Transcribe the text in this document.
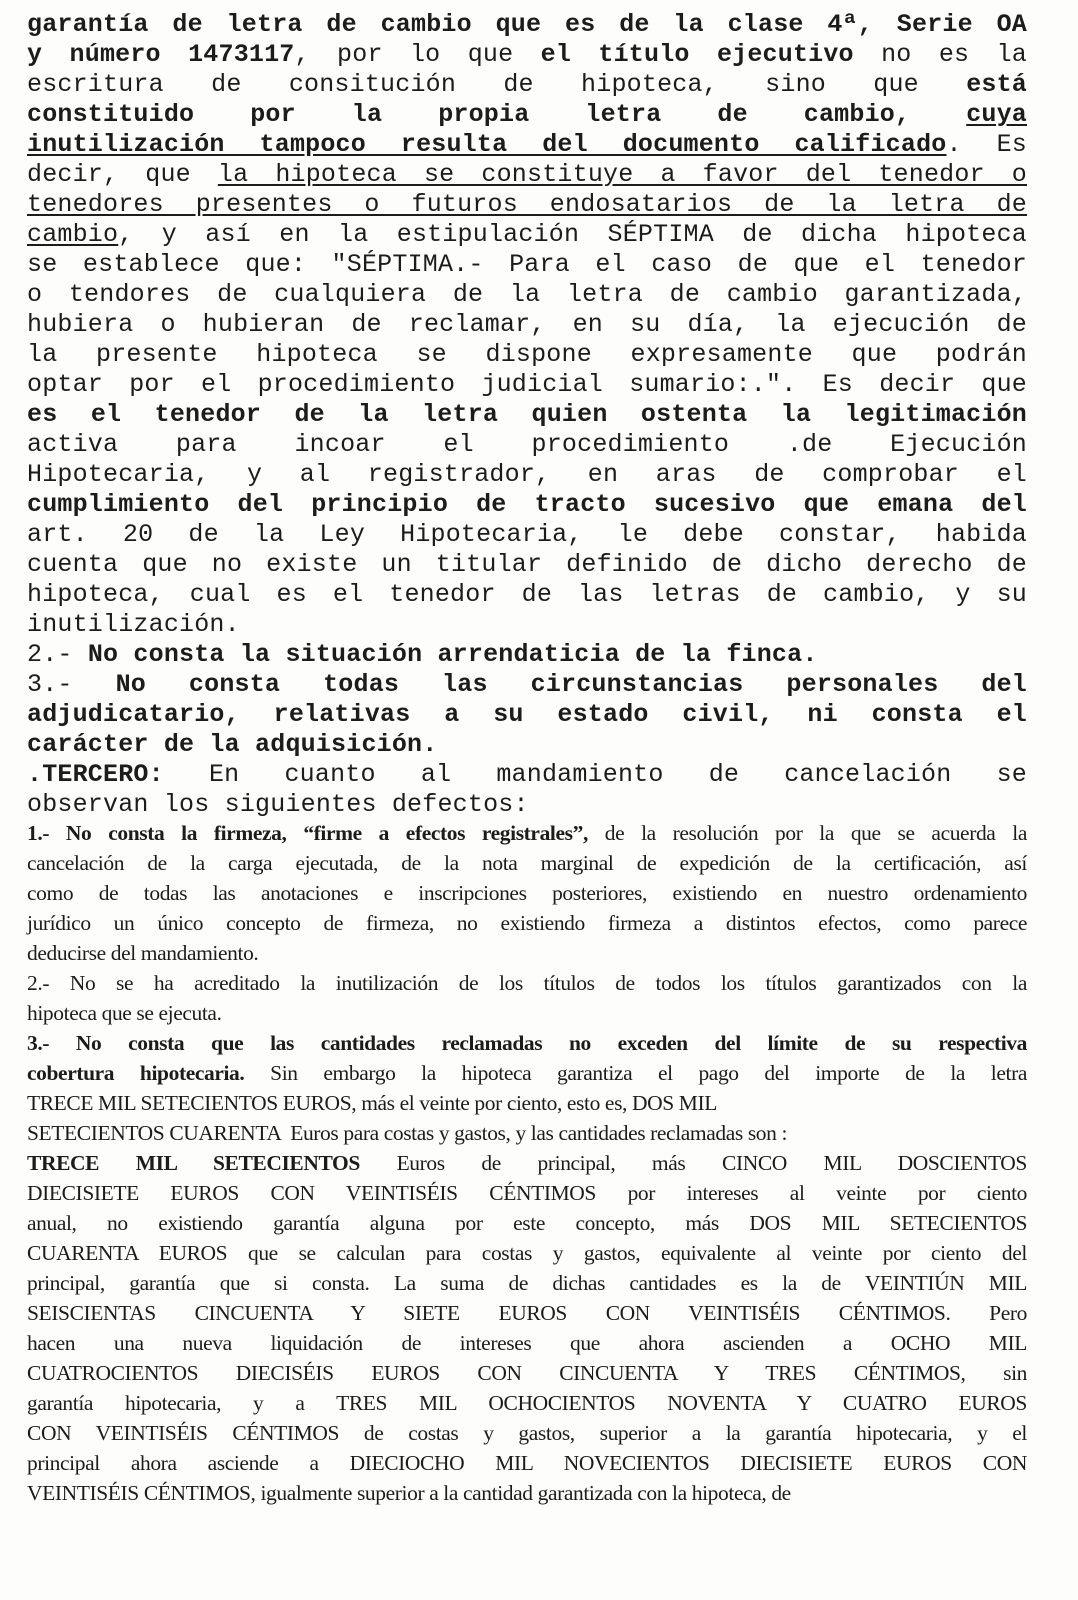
garantía de letra de cambio que es de la clase 4ª, Serie OA
y número 1473117, por lo que el título ejecutivo no es la
escritura de consitución de hipoteca, sino que está
constituido por la propia letra de cambio, cuya
inutilización tampoco resulta del documento calificado. Es
decir, que la hipoteca se constituye a favor del tenedor o
tenedores presentes o futuros endosatarios de la letra de
cambio, y así en la estipulación SÉPTIMA de dicha hipoteca
se establece que: "SÉPTIMA.- Para el caso de que el tenedor
o tendores de cualquiera de la letra de cambio garantizada,
hubiera o hubieran de reclamar, en su día, la ejecución de
la presente hipoteca se dispone expresamente que podrán
optar por el procedimiento judicial sumario:.". Es decir que
es el tenedor de la letra quien ostenta la legitimación
activa para incoar el procedimiento .de Ejecución
Hipotecaria, y al registrador, en aras de comprobar el
cumplimiento del principio de tracto sucesivo que emana del
art. 20 de la Ley Hipotecaria, le debe constar, habida
cuenta que no existe un titular definido de dicho derecho de
hipoteca, cual es el tenedor de las letras de cambio, y su
inutilización.
2.- No consta la situación arrendaticia de la finca.
3.- No consta todas las circunstancias personales del
adjudicatario, relativas a su estado civil, ni consta el
carácter de la adquisición.
.TERCERO: En cuanto al mandamiento de cancelación se
observan los siguientes defectos:
1.- No consta la firmeza, “firme a efectos registrales”, de la resolución por la que se acuerda la
cancelación de la carga ejecutada, de la nota marginal de expedición de la certificación, así
como de todas las anotaciones e inscripciones posteriores, existiendo en nuestro ordenamiento
jurídico un único concepto de firmeza, no existiendo firmeza a distintos efectos, como parece
deducirse del mandamiento.
2.- No se ha acreditado la inutilización de los títulos de todos los títulos garantizados con la
hipoteca que se ejecuta.
3.- No consta que las cantidades reclamadas no exceden del límite de su respectiva
cobertura hipotecaria. Sin embargo la hipoteca garantiza el pago del importe de la letra
TRECE MIL SETECIENTOS EUROS, más el veinte por ciento, esto es, DOS MIL
SETECIENTOS CUARENTA  Euros para costas y gastos, y las cantidades reclamadas son :
TRECE MIL SETECIENTOS Euros de principal, más CINCO MIL DOSCIENTOS
DIECISIETE EUROS CON VEINTISÉIS CÉNTIMOS por intereses al veinte por ciento
anual, no existiendo garantía alguna por este concepto, más DOS MIL SETECIENTOS
CUARENTA EUROS que se calculan para costas y gastos, equivalente al veinte por ciento del
principal, garantía que si consta. La suma de dichas cantidades es la de VEINTIÚN MIL
SEISCIENTAS CINCUENTA Y SIETE EUROS CON VEINTISÉIS CÉNTIMOS. Pero
hacen una nueva liquidación de intereses que ahora ascienden a OCHO MIL
CUATROCIENTOS DIECISÉIS EUROS CON CINCUENTA Y TRES CÉNTIMOS, sin
garantía hipotecaria, y a TRES MIL OCHOCIENTOS NOVENTA Y CUATRO EUROS
CON VEINTISÉIS CÉNTIMOS de costas y gastos, superior a la garantía hipotecaria, y el
principal ahora asciende a DIECIOCHO MIL NOVECIENTOS DIECISIETE EUROS CON
VEINTISÉIS CÉNTIMOS, igualmente superior a la cantidad garantizada con la hipoteca, de
